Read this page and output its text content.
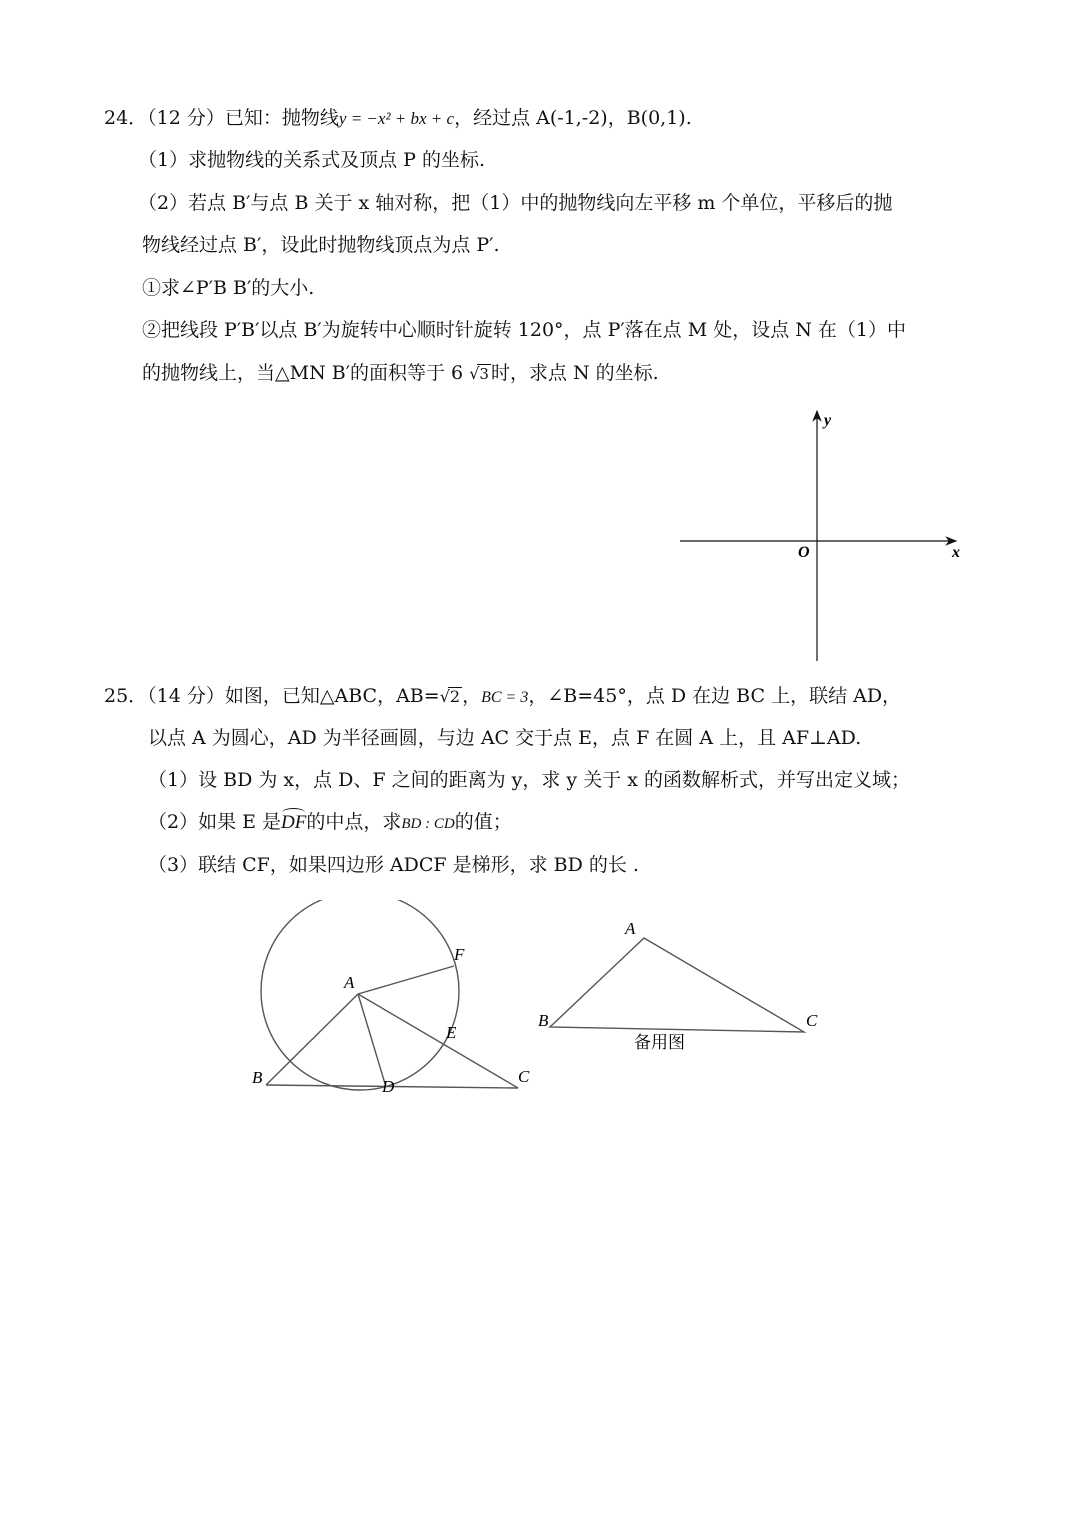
24．（12 分）已知：抛物线y = −x² + bx + c，经过点 A(-1,-2)，B(0,1).
（1）求抛物线的关系式及顶点 P 的坐标.
（2）若点 B′与点 B 关于 x 轴对称，把（1）中的抛物线向左平移 m 个单位，平移后的抛
物线经过点 B′，设此时抛物线顶点为点 P′.
①求∠P′B B′的大小.
②把线段 P′B′以点 B′为旋转中心顺时针旋转 120°，点 P′落在点 M 处，设点 N 在（1）中
的抛物线上，当△MN B′的面积等于 6 √3 时，求点 N 的坐标.
x
y
O
25．（14 分）如图，已知△ABC，AB=√2 ，BC = 3，∠B=45°，点 D 在边 BC 上，联结 AD，
以点 A 为圆心，AD 为半径画圆，与边 AC 交于点 E，点 F 在圆 A 上，且 AF⊥AD.
（1）设 BD 为 x，点 D、F 之间的距离为 y，求 y 关于 x 的函数解析式，并写出定义域；
（2）如果 E 是DF的中点，求BD : CD的值；
（3）联结 CF，如果四边形 ADCF 是梯形，求 BD 的长 .
A
B	C
D
E
F
A
B	C
备用图
